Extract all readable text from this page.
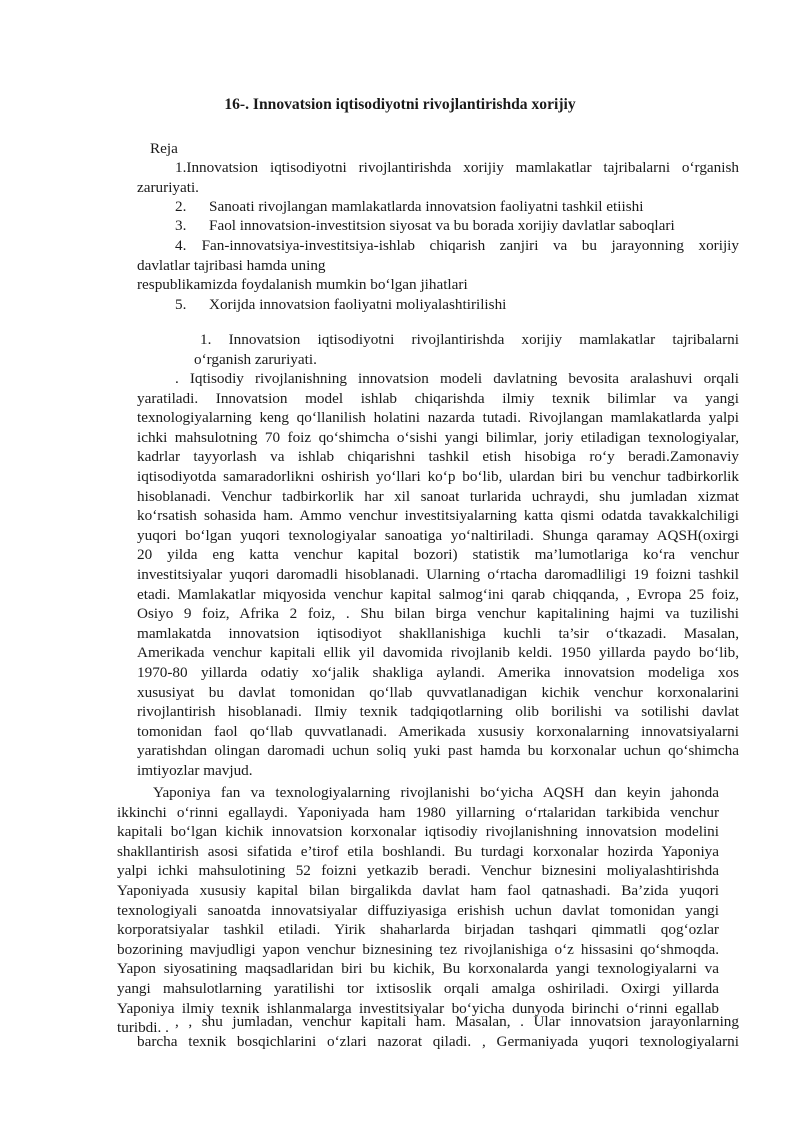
16-. Innovatsion iqtisodiyotni rivojlantirishda xorijiy
Reja
1.Innovatsion iqtisodiyotni rivojlantirishda xorijiy mamlakatlar tajribalarni o‘rganish
zaruriyati.
2. Sanoati rivojlangan mamlakatlarda innovatsion faoliyatni tashkil etiishi
3. Faol innovatsion-investitsion siyosat va bu borada xorijiy davlatlar saboqlari
4.  Fan-innovatsiya-investitsiya-ishlab chiqarish zanjiri va bu jarayonning xorijiy
davlatlar tajribasi hamda uning
respublikamizda foydalanish mumkin bo‘lgan jihatlari
5. Xorijda innovatsion faoliyatni moliyalashtirilishi
1. Innovatsion iqtisodiyotni rivojlantirishda xorijiy mamlakatlar tajribalarni
o‘rganish zaruriyati.
. Iqtisodiy rivojlanishning innovatsion modeli davlatning bevosita aralashuvi orqali
yaratiladi. Innovatsion model ishlab chiqarishda ilmiy texnik bilimlar va yangi
texnologiyalarning keng qo‘llanilish holatini nazarda tutadi. Rivojlangan mamlakatlarda yalpi
ichki mahsulotning 70 foiz qo‘shimcha o‘sishi yangi bilimlar, joriy etiladigan texnologiyalar,
kadrlar tayyorlash va ishlab chiqarishni tashkil etish hisobiga ro‘y beradi.Zamonaviy
iqtisodiyotda samaradorlikni oshirish yo‘llari ko‘p bo‘lib, ulardan biri bu venchur tadbirkorlik
hisoblanadi. Venchur tadbirkorlik har xil sanoat turlarida uchraydi, shu jumladan xizmat
ko‘rsatish sohasida ham. Ammo venchur investitsiyalarning katta qismi odatda tavakkalchiligi
yuqori bo‘lgan yuqori texnologiyalar sanoatiga yo‘naltiriladi. Shunga qaramay AQSH(oxirgi
20 yilda eng katta venchur kapital bozori) statistik ma’lumotlariga ko‘ra venchur
investitsiyalar yuqori daromadli hisoblanadi. Ularning o‘rtacha daromadliligi 19 foizni tashkil
etadi. Mamlakatlar miqyosida venchur kapital salmog‘ini qarab chiqqanda, , Evropa 25 foiz,
Osiyo 9 foiz, Afrika 2 foiz, . Shu bilan birga venchur kapitalining hajmi va tuzilishi
mamlakatda innovatsion iqtisodiyot shakllanishiga kuchli ta’sir o‘tkazadi. Masalan,
Amerikada venchur kapitali ellik yil davomida rivojlanib keldi. 1950 yillarda paydo bo‘lib,
1970-80 yillarda odatiy xo‘jalik shakliga aylandi. Amerika innovatsion modeliga xos
xususiyat bu davlat tomonidan qo‘llab quvvatlanadigan kichik venchur korxonalarini
rivojlantirish hisoblanadi. Ilmiy texnik tadqiqotlarning olib borilishi va sotilishi davlat
tomonidan faol qo‘llab quvvatlanadi. Amerikada xususiy korxonalarning innovatsiyalarni
yaratishdan olingan daromadi uchun soliq yuki past hamda bu korxonalar uchun qo‘shimcha
imtiyozlar mavjud.
Yaponiya fan va texnologiyalarning rivojlanishi bo‘yicha AQSH dan keyin jahonda
ikkinchi o‘rinni egallaydi. Yaponiyada ham 1980 yillarning o‘rtalaridan tarkibida venchur
kapitali bo‘lgan kichik innovatsion korxonalar iqtisodiy rivojlanishning innovatsion modelini
shakllantirish asosi sifatida e’tirof etila boshlandi. Bu turdagi korxonalar hozirda Yaponiya
yalpi ichki mahsulotining 52 foizni yetkazib beradi. Venchur biznesini moliyalashtirishda
Yaponiyada xususiy kapital bilan birgalikda davlat ham faol qatnashadi. Ba’zida yuqori
texnologiyali sanoatda innovatsiyalar diffuziyasiga erishish uchun davlat tomonidan yangi
korporatsiyalar tashkil etiladi. Yirik shaharlarda birjadan tashqari qimmatli qog‘ozlar
bozorining mavjudligi yapon venchur biznesining tez rivojlanishiga o‘z hissasini qo‘shmoqda.
Yapon siyosatining maqsadlaridan biri bu kichik, Bu korxonalarda yangi texnologiyalarni va
yangi mahsulotlarning yaratilishi tor ixtisoslik orqali amalga oshiriladi. Oxirgi yillarda
Yaponiya ilmiy texnik ishlanmalarga investitsiyalar bo‘yicha dunyoda birinchi o‘rinni egallab
turibdi. . , , shu jumladan, venchur kapitali ham. Masalan, . Ular innovatsion jarayonlarning
barcha texnik bosqichlarini o‘zlari nazorat qiladi. , Germaniyada yuqori texnologiyalarni
